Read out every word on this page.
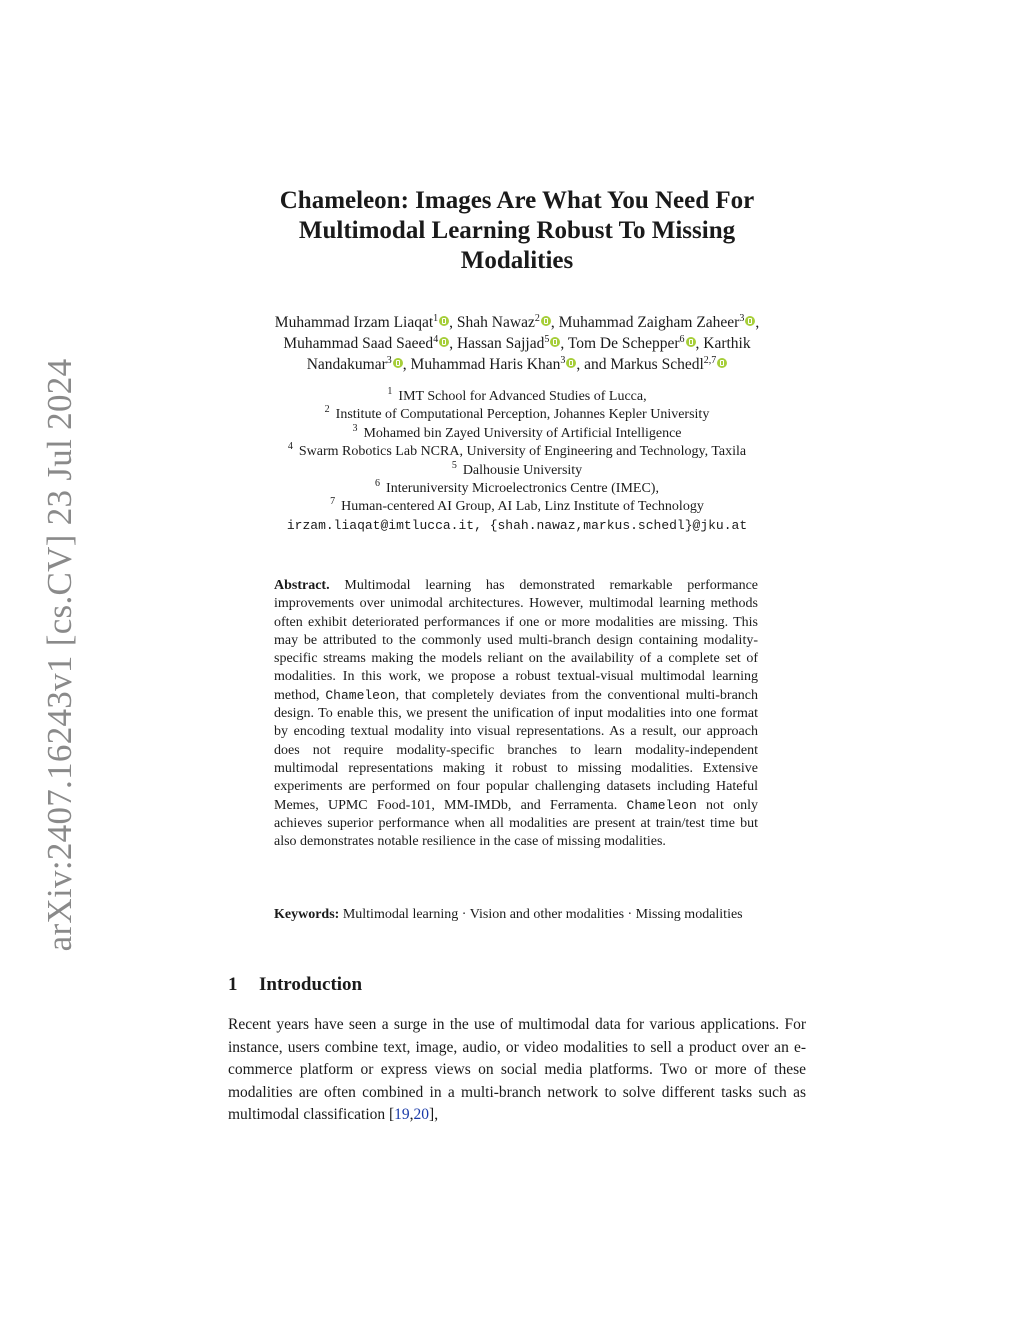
arXiv:2407.16243v1 [cs.CV] 23 Jul 2024
Chameleon: Images Are What You Need For
Multimodal Learning Robust To Missing
Modalities
Muhammad Irzam Liaqat$^1$ , Shah Nawaz$^2$ , Muhammad Zaigham Zaheer$^3$ ,
Muhammad Saad Saeed$^4$ , Hassan Sajjad$^5$ , Tom De Schepper$^6$ , Karthik
Nandakumar$^3$ , Muhammad Haris Khan$^3$ , and Markus Schedl$^{2,7}$
$^1$ IMT School for Advanced Studies of Lucca,
$^2$ Institute of Computational Perception, Johannes Kepler University
$^3$ Mohamed bin Zayed University of Artificial Intelligence
$^4$ Swarm Robotics Lab NCRA, University of Engineering and Technology, Taxila
$^5$ Dalhousie University
$^6$ Interuniversity Microelectronics Centre (IMEC),
$^7$ Human-centered AI Group, AI Lab, Linz Institute of Technology
irzam.liaqat@imtlucca.it, {shah.nawaz,markus.schedl}@jku.at

Abstract. Multimodal learning has demonstrated remarkable performance improvements over unimodal architectures. However, multimodal learning methods often exhibit deteriorated performances if one or more modalities are missing. This may be attributed to the commonly used multi-branch design containing modality-specific streams making the models reliant on the availability of a complete set of modalities. In this work, we propose a robust textual-visual multimodal learning method, Chameleon, that completely deviates from the conventional multi-branch design. To enable this, we present the unification of input modalities into one format by encoding textual modality into visual representations. As a result, our approach does not require modality-specific branches to learn modality-independent multimodal representations making it robust to missing modalities. Extensive experiments are performed on four popular challenging datasets including Hateful Memes, UPMC Food-101, MM-IMDb, and Ferramenta. Chameleon not only achieves superior performance when all modalities are present at train/test time but also demonstrates notable resilience in the case of missing modalities.

Keywords: Multimodal learning · Vision and other modalities · Missing modalities

1 Introduction

Recent years have seen a surge in the use of multimodal data for various applications. For instance, users combine text, image, audio, or video modalities to sell a product over an e-commerce platform or express views on social media platforms. Two or more of these modalities are often combined in a multi-branch network to solve different tasks such as multimodal classification [19,20],
